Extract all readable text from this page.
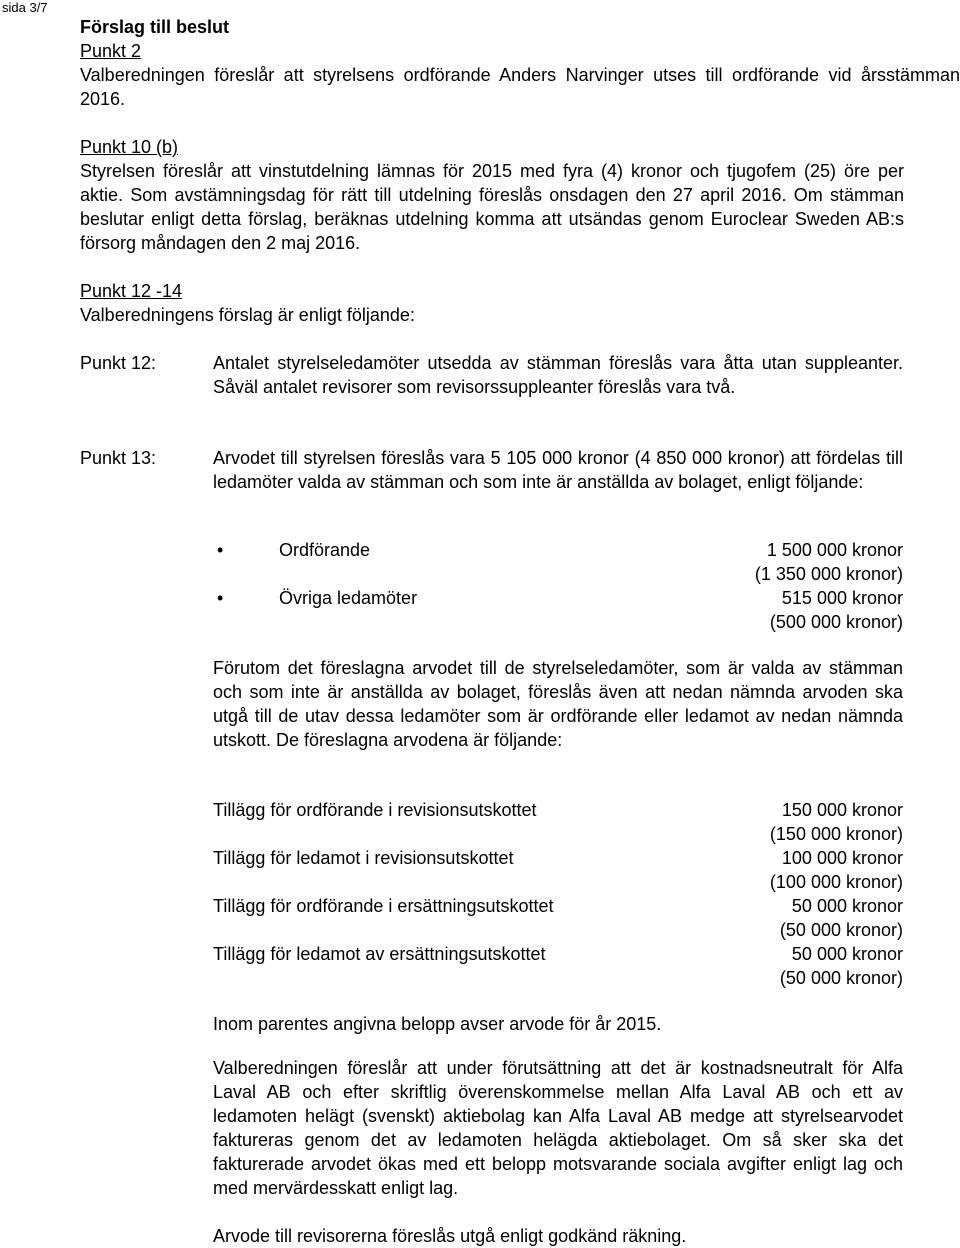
sida 3/7
Förslag till beslut
Punkt 2
Valberedningen föreslår att styrelsens ordförande Anders Narvinger utses till ordförande vid årsstämman 2016.
Punkt 10 (b)
Styrelsen föreslår att vinstutdelning lämnas för 2015 med fyra (4) kronor och tjugofem (25) öre per aktie. Som avstämningsdag för rätt till utdelning föreslås onsdagen den 27 april 2016. Om stämman beslutar enligt detta förslag, beräknas utdelning komma att utsändas genom Euroclear Sweden AB:s försorg måndagen den 2 maj 2016.
Punkt 12 -14
Valberedningens förslag är enligt följande:
Punkt 12:	Antalet styrelseledamöter utsedda av stämman föreslås vara åtta utan suppleanter. Såväl antalet revisorer som revisorssuppleanter föreslås vara två.
Punkt 13:	Arvodet till styrelsen föreslås vara 5 105 000 kronor (4 850 000 kronor) att fördelas till ledamöter valda av stämman och som inte är anställda av bolaget, enligt följande:
•	Ordförande	1 500 000 kronor
(1 350 000 kronor)
•	Övriga ledamöter	515 000 kronor
(500 000 kronor)
Förutom det föreslagna arvodet till de styrelseledamöter, som är valda av stämman och som inte är anställda av bolaget, föreslås även att nedan nämnda arvoden ska utgå till de utav dessa ledamöter som är ordförande eller ledamot av nedan nämnda utskott. De föreslagna arvodena är följande:
Tillägg för ordförande i revisionsutskottet	150 000 kronor
(150 000 kronor)
Tillägg för ledamot i revisionsutskottet	100 000 kronor
(100 000 kronor)
Tillägg för ordförande i ersättningsutskottet	50 000 kronor
(50 000 kronor)
Tillägg för ledamot av ersättningsutskottet	50 000 kronor
(50 000 kronor)
Inom parentes angivna belopp avser arvode för år 2015.
Valberedningen föreslår att under förutsättning att det är kostnadsneutralt för Alfa Laval AB och efter skriftlig överenskommelse mellan Alfa Laval AB och ett av ledamoten helägt (svenskt) aktiebolag kan Alfa Laval AB medge att styrelsearvodet faktureras genom det av ledamoten helägda aktiebolaget. Om så sker ska det fakturerade arvodet ökas med ett belopp motsvarande sociala avgifter enligt lag och med mervärdesskatt enligt lag.
Arvode till revisorerna föreslås utgå enligt godkänd räkning.
